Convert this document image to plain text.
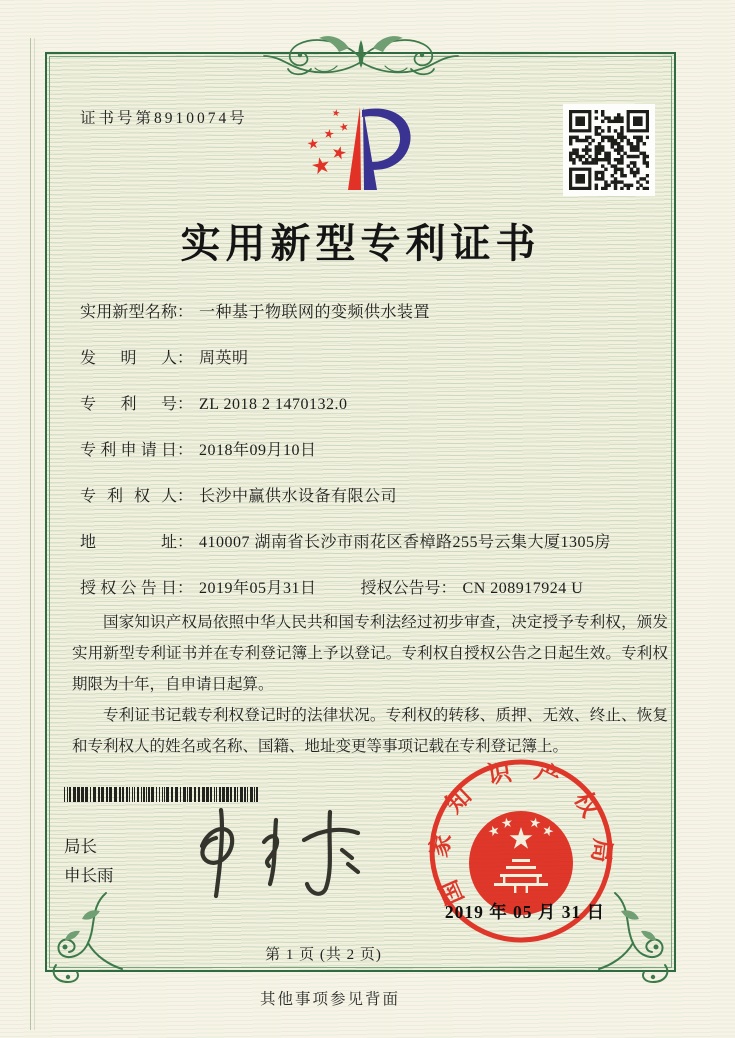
证书号第8910074号
实用新型专利证书
实用新型名称 ： 一种基于物联网的变频供水装置
发明人 ： 周英明
专利号 ： ZL 2018 2 1470132.0
专利申请日 ： 2018年09月10日
专利权人 ： 长沙中赢供水设备有限公司
地址 ： 410007 湖南省长沙市雨花区香樟路255号云集大厦1305房
授权公告日 ： 2019年05月31日	授权公告号 ： CN 208917924 U

国家知识产权局依照中华人民共和国专利法经过初步审查，决定授予专利权，颁发实用新型专利证书并在专利登记簿上予以登记。专利权自授权公告之日起生效。专利权期限为十年，自申请日起算。

专利证书记载专利权登记时的法律状况。专利权的转移、质押、无效、终止、恢复和专利权人的姓名或名称、国籍、地址变更等事项记载在专利登记簿上。

局长
申长雨	国家知识产权局
2019 年 05 月 31 日
第 1 页 (共 2 页)
其他事项参见背面
